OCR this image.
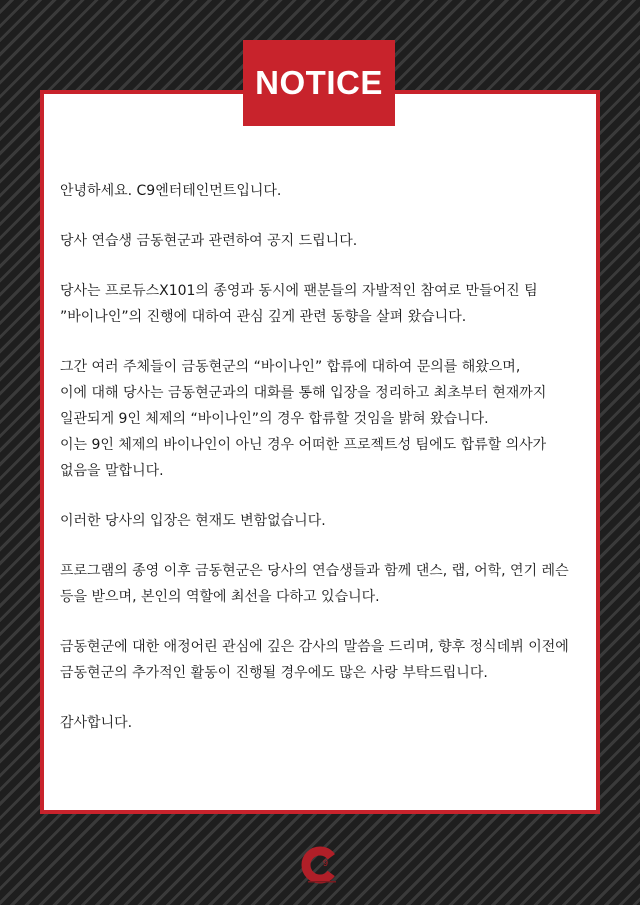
NOTICE

안녕하세요. C9엔터테인먼트입니다.

당사 연습생 금동현군과 관련하여 공지 드립니다.

당사는 프로듀스X101의 종영과 동시에 팬분들의 자발적인 참여로 만들어진 팀
”바이나인”의 진행에 대하여 관심 깊게 관련 동향을 살펴 왔습니다.

그간 여러 주체들이 금동현군의 “바이나인” 합류에 대하여 문의를 해왔으며,
이에 대해 당사는 금동현군과의 대화를 통해 입장을 정리하고 최초부터 현재까지
일관되게 9인 체제의 “바이나인”의 경우 합류할 것임을 밝혀 왔습니다.
이는 9인 체제의 바이나인이 아닌 경우 어떠한 프로젝트성 팀에도 합류할 의사가
없음을 말합니다.

이러한 당사의 입장은 현재도 변함없습니다.

프로그램의 종영 이후 금동현군은 당사의 연습생들과 함께 댄스, 랩, 어학, 연기 레슨
등을 받으며, 본인의 역할에 최선을 다하고 있습니다.

금동현군에 대한 애정어린 관심에 깊은 감사의 말씀을 드리며, 향후 정식데뷔 이전에
금동현군의 추가적인 활동이 진행될 경우에도 많은 사랑 부탁드립니다.

감사합니다.

9
